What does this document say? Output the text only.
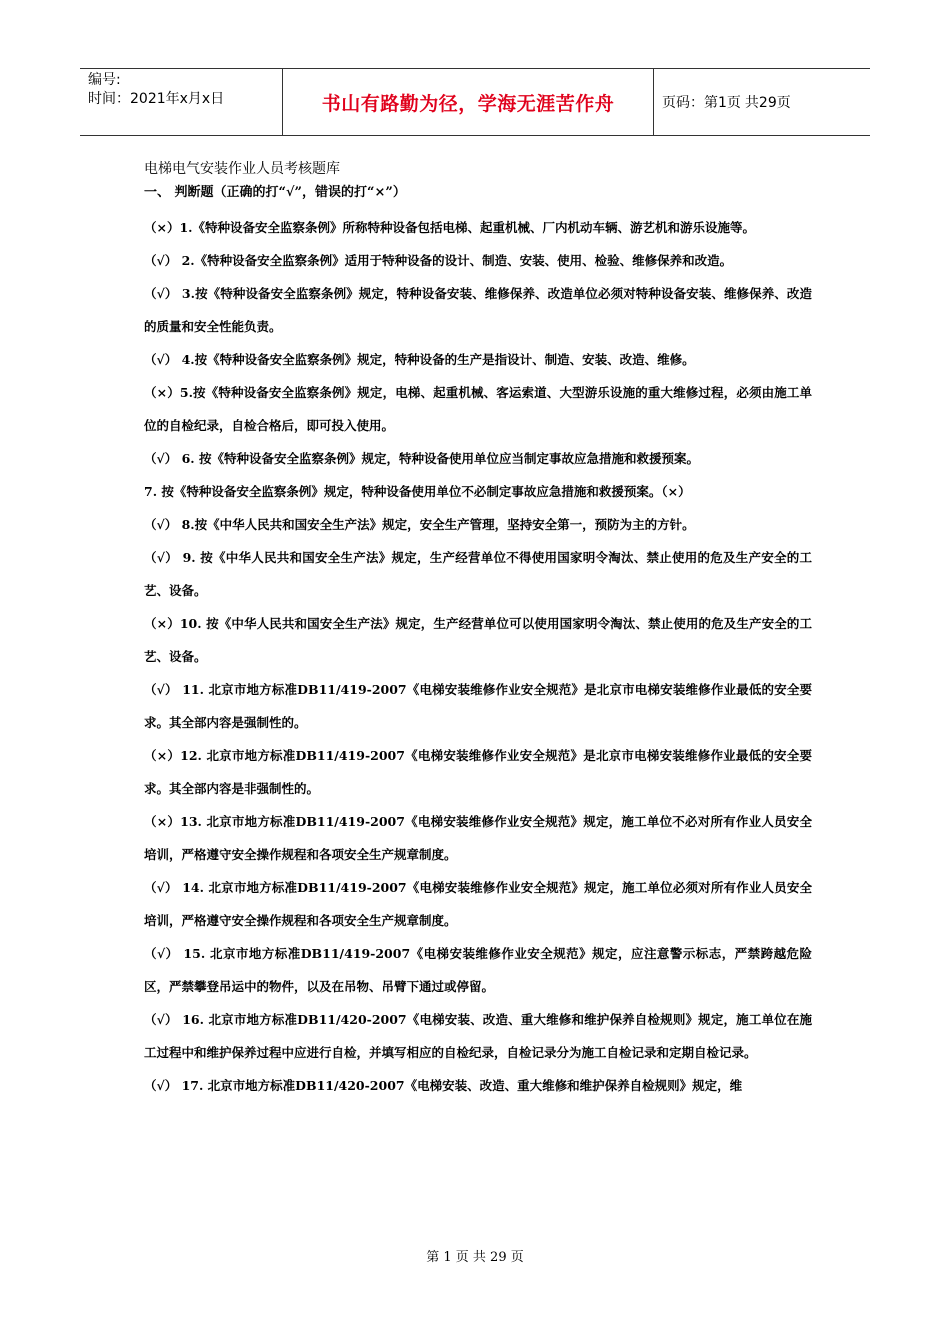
编号:
时间：2021年x月x日	书山有路勤为径，学海无涯苦作舟	页码：第1页 共29页
电梯电气安装作业人员考核题库
一、 判断题（正确的打“√”，错误的打“×”）
（×）1.《特种设备安全监察条例》所称特种设备包括电梯、起重机械、厂内机动车辆、游艺机和游乐设施等。
（√） 2.《特种设备安全监察条例》适用于特种设备的设计、制造、安装、使用、检验、维修保养和改造。
（√） 3.按《特种设备安全监察条例》规定，特种设备安装、维修保养、改造单位必须对特种设备安装、维修保养、改造的质量和安全性能负责。
（√） 4.按《特种设备安全监察条例》规定，特种设备的生产是指设计、制造、安装、改造、维修。
（×）5.按《特种设备安全监察条例》规定，电梯、起重机械、客运索道、大型游乐设施的重大维修过程，必须由施工单位的自检纪录，自检合格后，即可投入使用。
（√） 6. 按《特种设备安全监察条例》规定，特种设备使用单位应当制定事故应急措施和救援预案。
7. 按《特种设备安全监察条例》规定，特种设备使用单位不必制定事故应急措施和救援预案。（×）
（√） 8.按《中华人民共和国安全生产法》规定，安全生产管理，坚持安全第一，预防为主的方针。
（√） 9. 按《中华人民共和国安全生产法》规定，生产经营单位不得使用国家明令淘汰、禁止使用的危及生产安全的工艺、设备。
（×）10. 按《中华人民共和国安全生产法》规定，生产经营单位可以使用国家明令淘汰、禁止使用的危及生产安全的工艺、设备。
（√） 11. 北京市地方标准DB11/419-2007《电梯安装维修作业安全规范》是北京市电梯安装维修作业最低的安全要求。其全部内容是强制性的。
（×）12. 北京市地方标准DB11/419-2007《电梯安装维修作业安全规范》是北京市电梯安装维修作业最低的安全要求。其全部内容是非强制性的。
（×）13. 北京市地方标准DB11/419-2007《电梯安装维修作业安全规范》规定，施工单位不必对所有作业人员安全培训，严格遵守安全操作规程和各项安全生产规章制度。
（√） 14. 北京市地方标准DB11/419-2007《电梯安装维修作业安全规范》规定，施工单位必须对所有作业人员安全培训，严格遵守安全操作规程和各项安全生产规章制度。
（√） 15. 北京市地方标准DB11/419-2007《电梯安装维修作业安全规范》规定，应注意警示标志，严禁跨越危险区，严禁攀登吊运中的物件，以及在吊物、吊臂下通过或停留。
（√） 16. 北京市地方标准DB11/420-2007《电梯安装、改造、重大维修和维护保养自检规则》规定，施工单位在施工过程中和维护保养过程中应进行自检，并填写相应的自检纪录，自检记录分为施工自检记录和定期自检记录。
（√） 17. 北京市地方标准DB11/420-2007《电梯安装、改造、重大维修和维护保养自检规则》规定，维
第 1 页 共 29 页
